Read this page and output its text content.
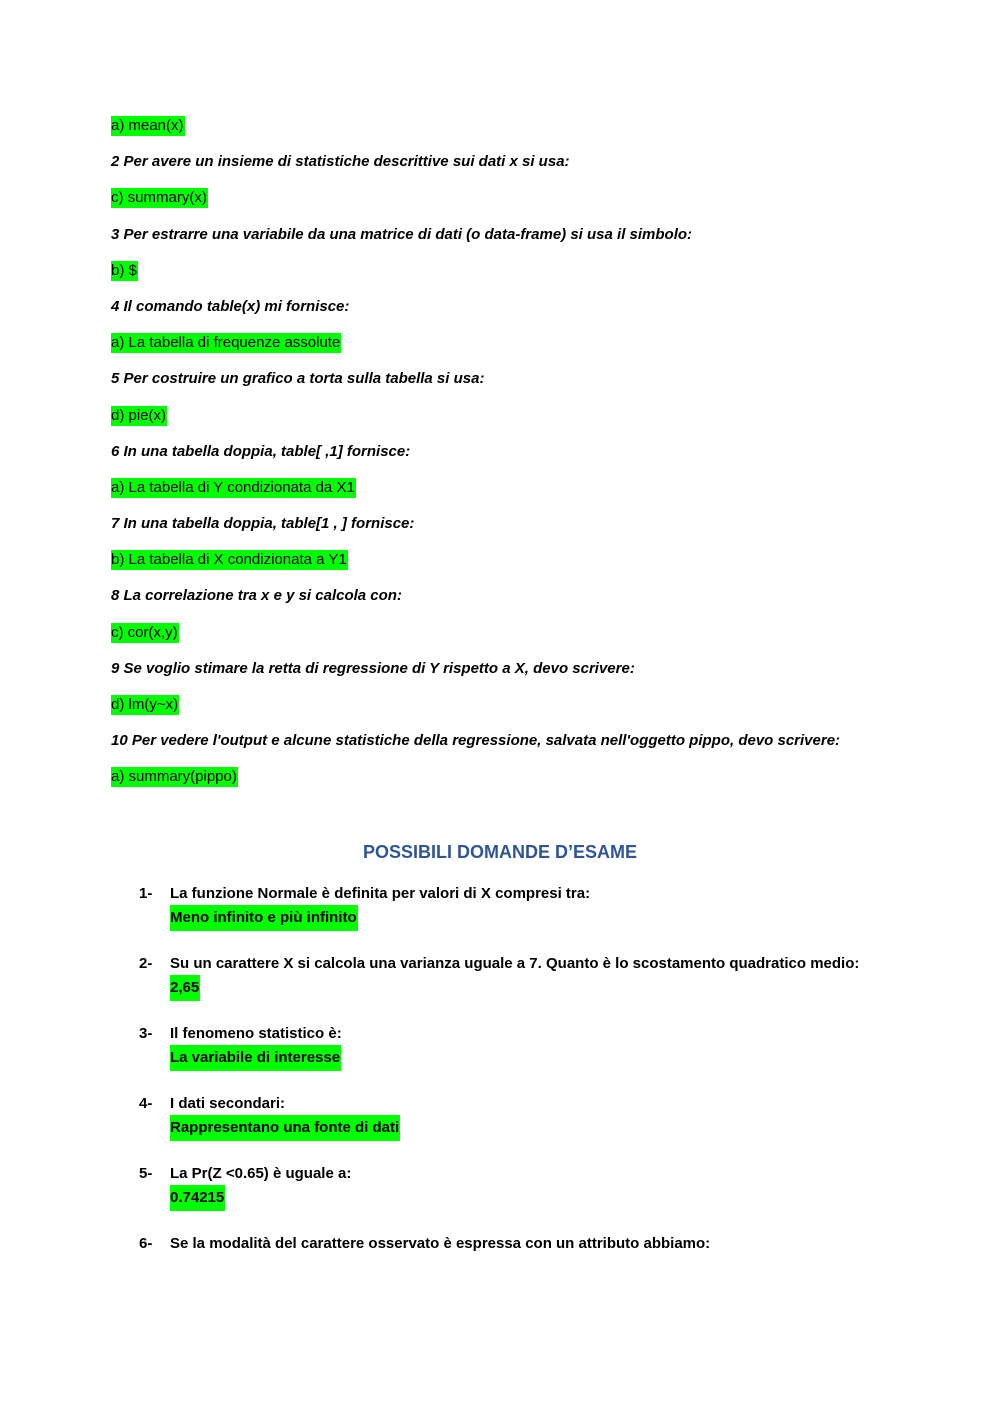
a) mean(x)
2 Per avere un insieme di statistiche descrittive sui dati x si usa:
c) summary(x)
3 Per estrarre una variabile da una matrice di dati (o data-frame) si usa il simbolo:
b) $
4 Il comando table(x) mi fornisce:
a) La tabella di frequenze assolute
5 Per costruire un grafico a torta sulla tabella si usa:
d) pie(x)
6 In una tabella doppia, table[ ,1] fornisce:
a) La tabella di Y condizionata da X1
7 In una tabella doppia, table[1 , ] fornisce:
b) La tabella di X condizionata a Y1
8 La correlazione tra x e y si calcola con:
c) cor(x,y)
9 Se voglio stimare la retta di regressione di Y rispetto a X, devo scrivere:
d) lm(y~x)
10 Per vedere l'output e alcune statistiche della regressione, salvata nell'oggetto pippo, devo scrivere:
a) summary(pippo)
POSSIBILI DOMANDE D’ESAME
1-	La funzione Normale è definita per valori di X compresi tra:
Meno infinito e più infinito
2-	Su un carattere X si calcola una varianza uguale a 7. Quanto è lo scostamento quadratico medio:
2,65
3-	Il fenomeno statistico è:
La variabile di interesse
4-	I dati secondari:
Rappresentano una fonte di dati
5-	La Pr(Z <0.65) è uguale a:
0.74215
6-	Se la modalità del carattere osservato è espressa con un attributo abbiamo:
